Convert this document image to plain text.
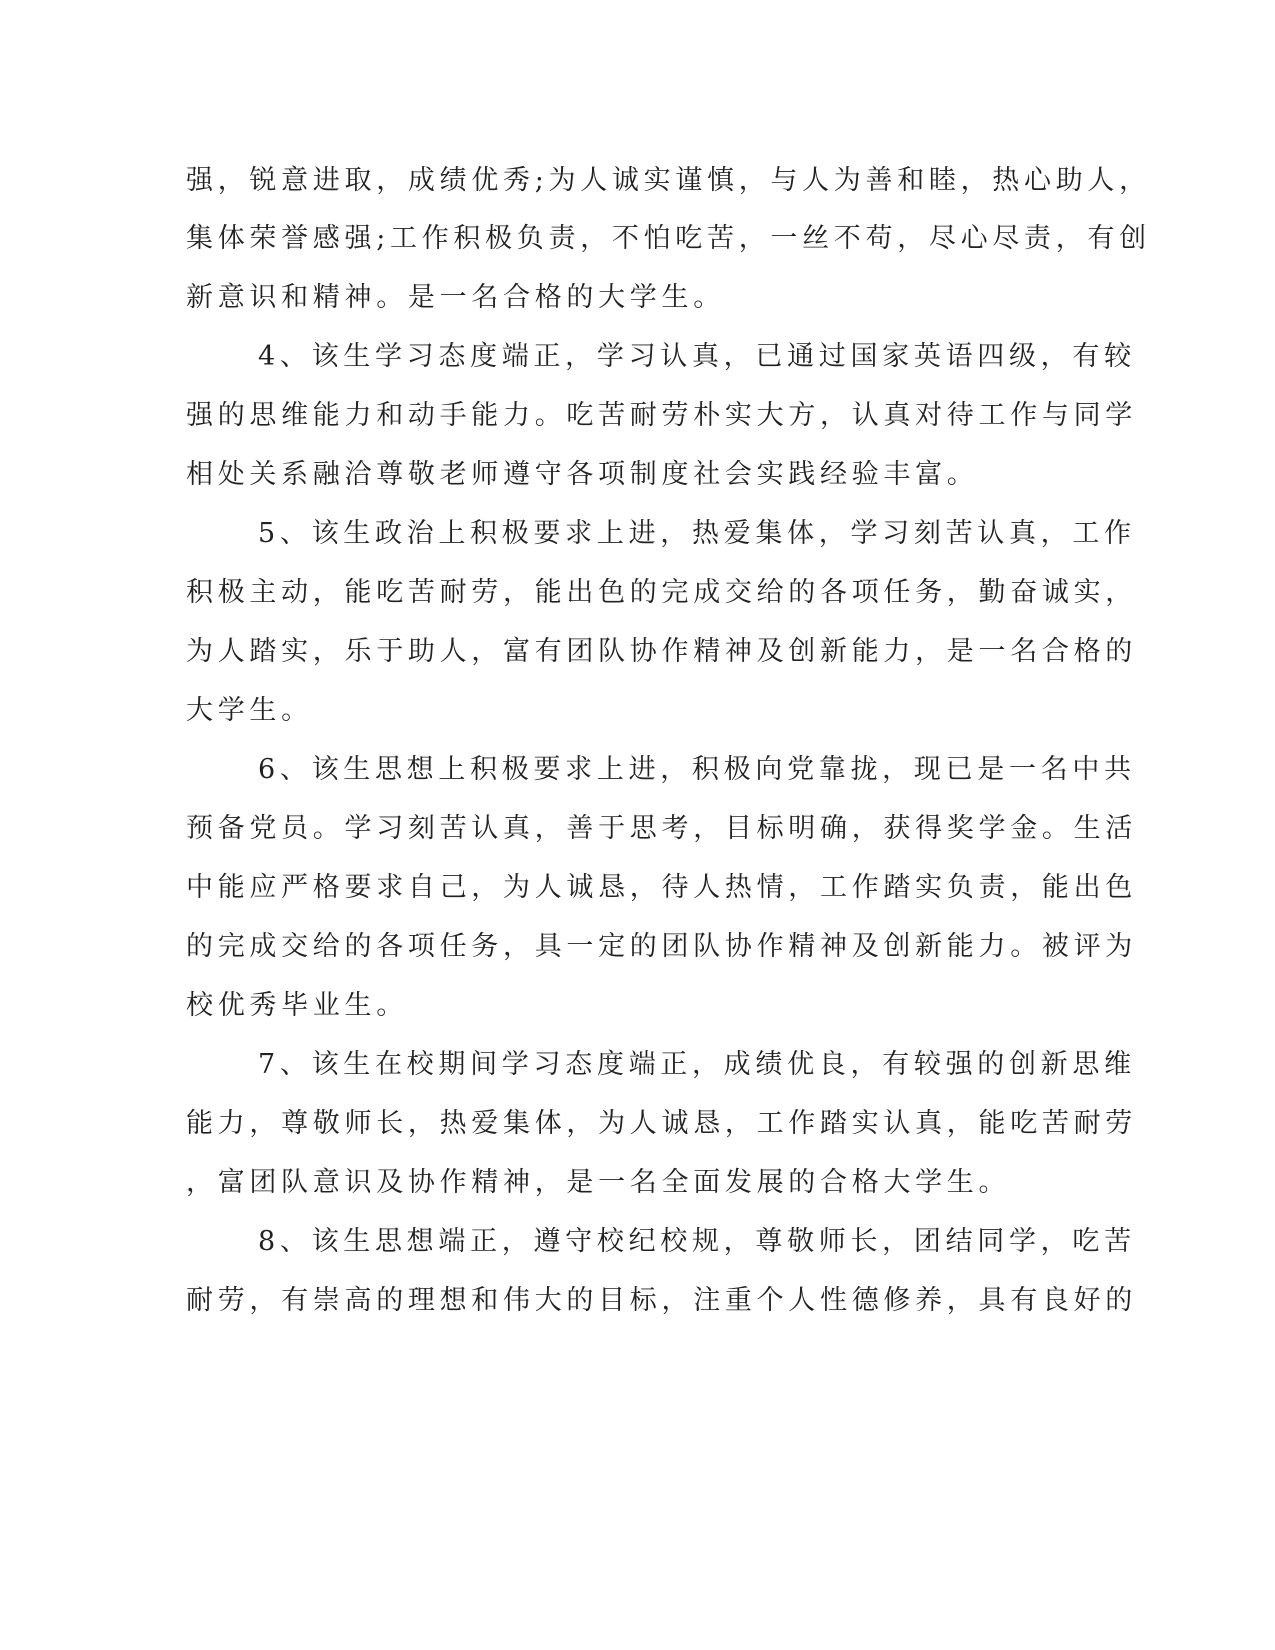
强，锐意进取，成绩优秀;为人诚实谨慎，与人为善和睦，热心助人，
集体荣誉感强;工作积极负责，不怕吃苦，一丝不苟，尽心尽责，有创
新意识和精神。是一名合格的大学生。
4、该生学习态度端正，学习认真，已通过国家英语四级，有较
强的思维能力和动手能力。吃苦耐劳朴实大方，认真对待工作与同学
相处关系融洽尊敬老师遵守各项制度社会实践经验丰富。
5、该生政治上积极要求上进，热爱集体，学习刻苦认真，工作
积极主动，能吃苦耐劳，能出色的完成交给的各项任务，勤奋诚实，
为人踏实，乐于助人，富有团队协作精神及创新能力，是一名合格的
大学生。
6、该生思想上积极要求上进，积极向党靠拢，现已是一名中共
预备党员。学习刻苦认真，善于思考，目标明确，获得奖学金。生活
中能应严格要求自己，为人诚恳，待人热情，工作踏实负责，能出色
的完成交给的各项任务，具一定的团队协作精神及创新能力。被评为
校优秀毕业生。
7、该生在校期间学习态度端正，成绩优良，有较强的创新思维
能力，尊敬师长，热爱集体，为人诚恳，工作踏实认真，能吃苦耐劳
，富团队意识及协作精神，是一名全面发展的合格大学生。
8、该生思想端正，遵守校纪校规，尊敬师长，团结同学，吃苦
耐劳，有崇高的理想和伟大的目标，注重个人性德修养，具有良好的
